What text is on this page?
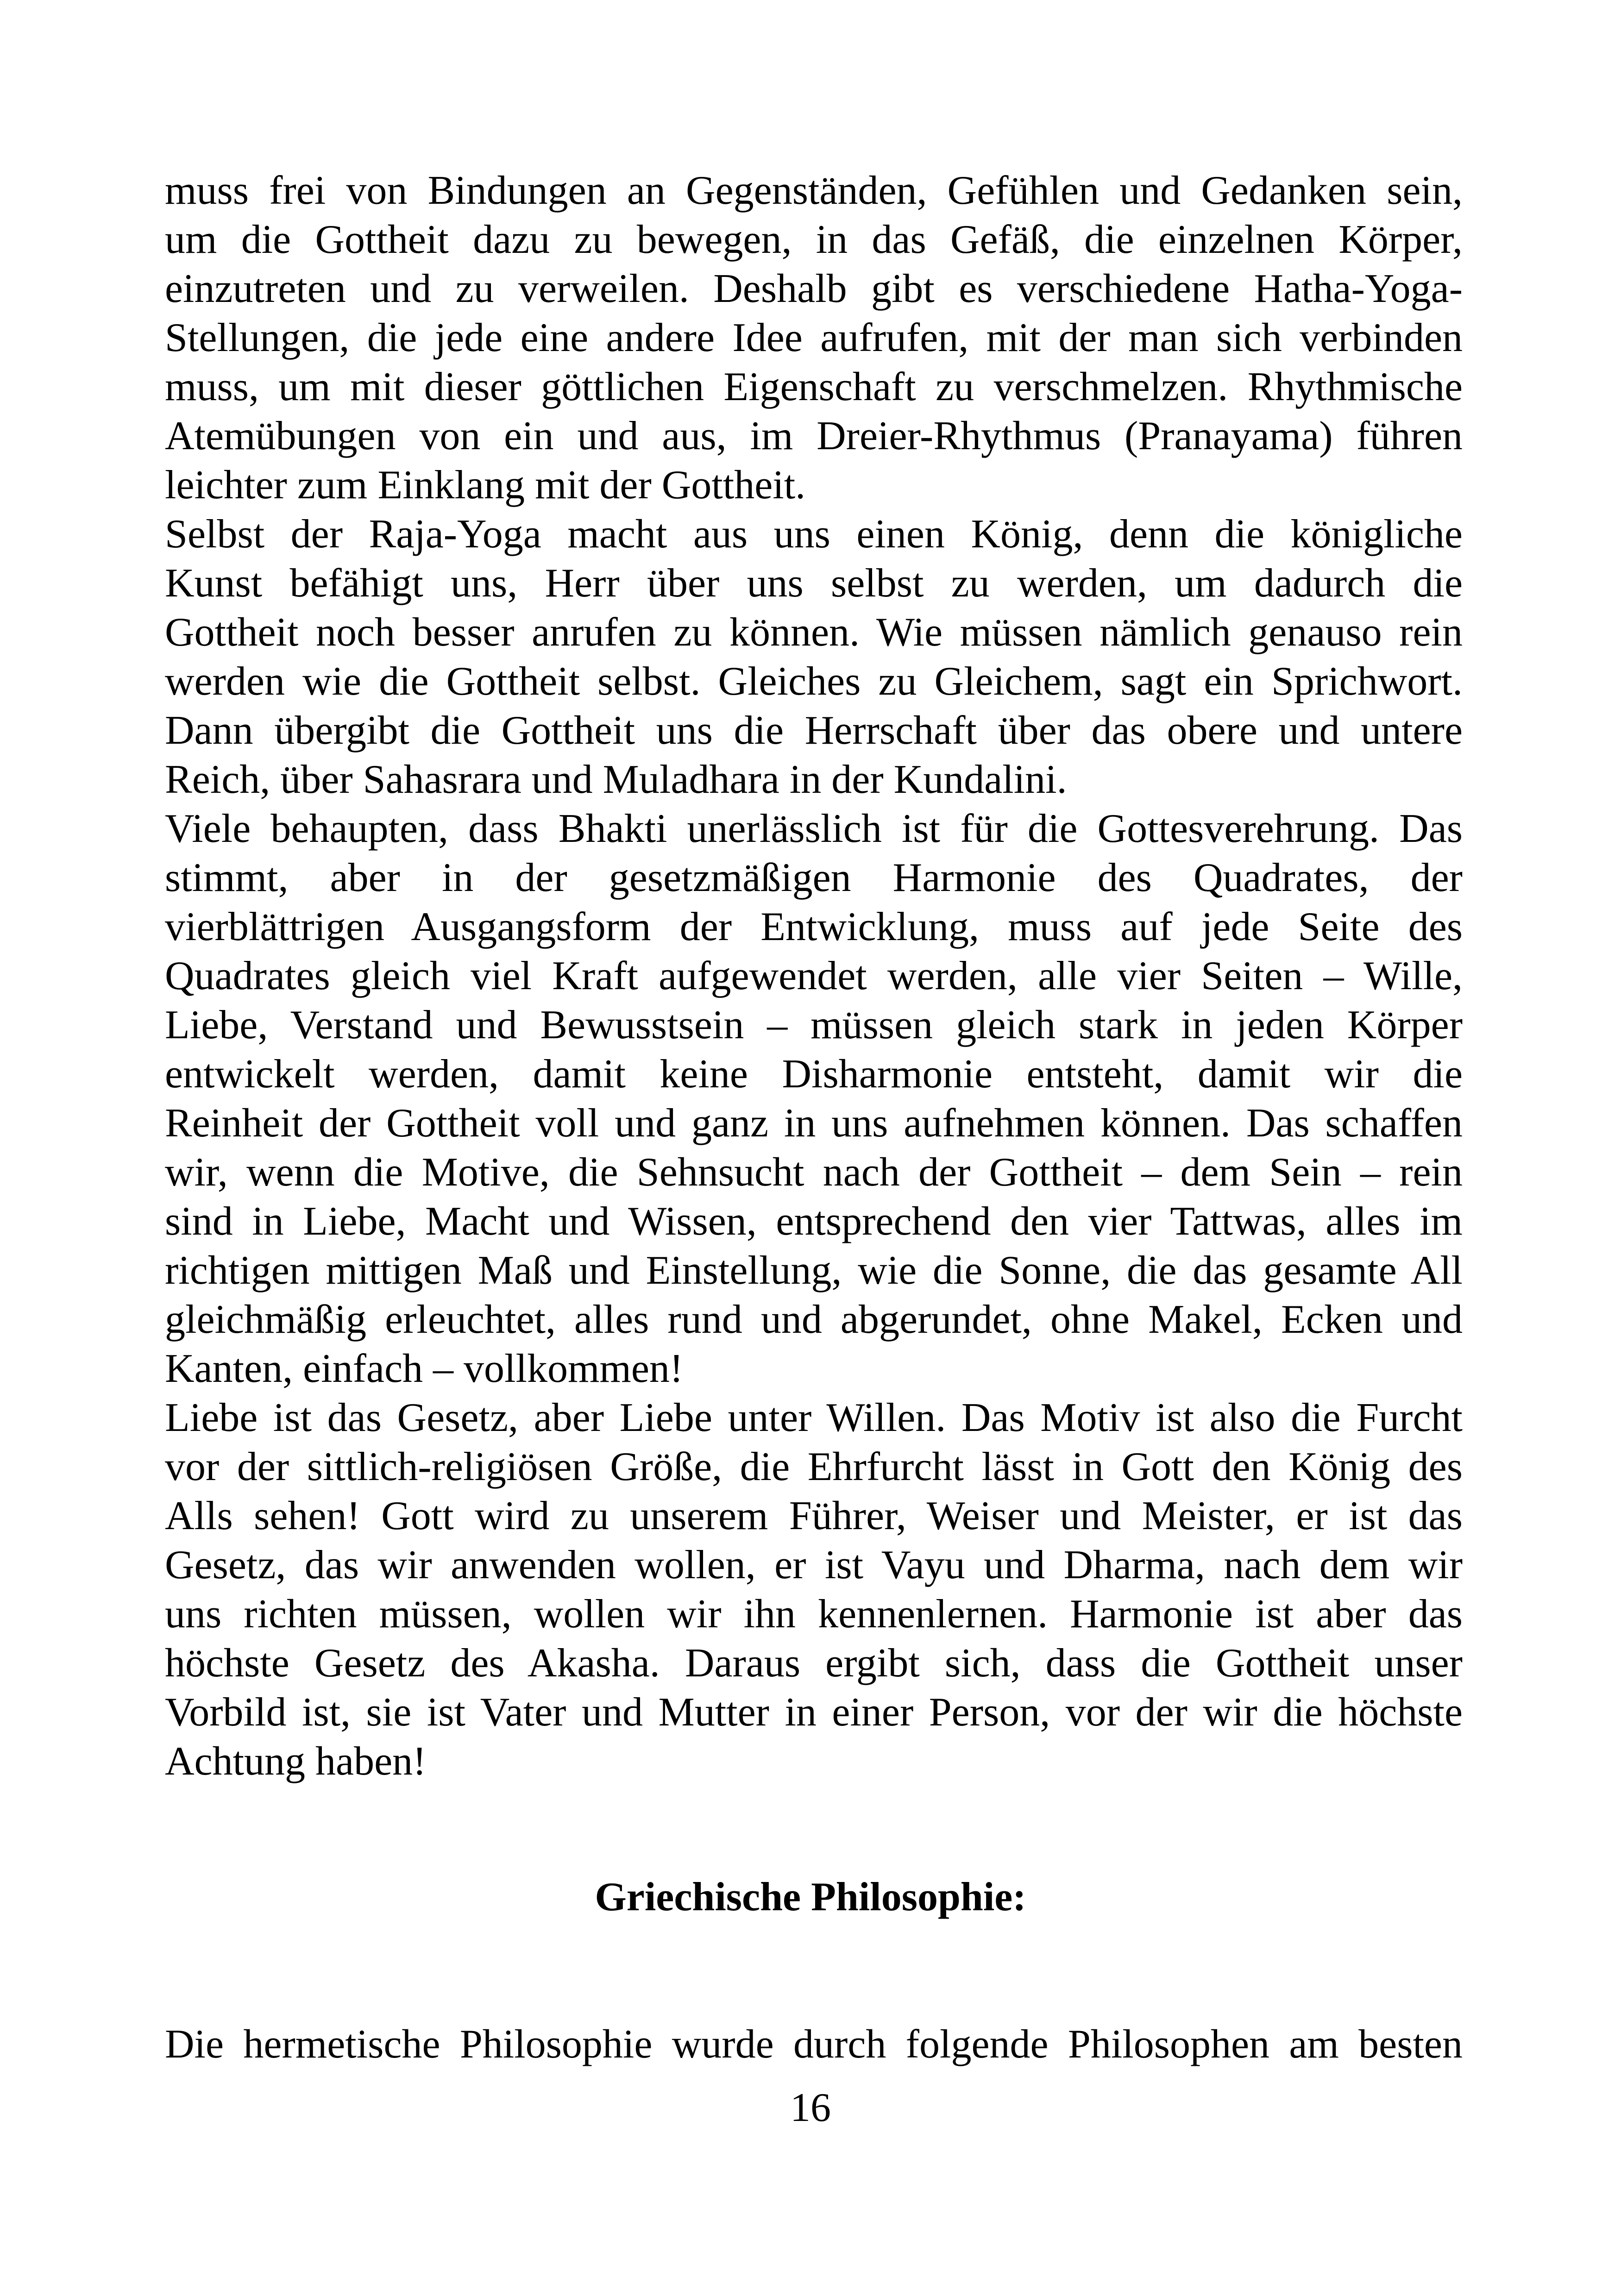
muss frei von Bindungen an Gegenständen, Gefühlen und Gedanken sein,
um die Gottheit dazu zu bewegen, in das Gefäß, die einzelnen Körper,
einzutreten und zu verweilen. Deshalb gibt es verschiedene Hatha-Yoga-
Stellungen, die jede eine andere Idee aufrufen, mit der man sich verbinden
muss, um mit dieser göttlichen Eigenschaft zu verschmelzen. Rhythmische
Atemübungen von ein und aus, im Dreier-Rhythmus (Pranayama) führen
leichter zum Einklang mit der Gottheit.
Selbst der Raja-Yoga macht aus uns einen König, denn die königliche
Kunst befähigt uns, Herr über uns selbst zu werden, um dadurch die
Gottheit noch besser anrufen zu können. Wie müssen nämlich genauso rein
werden wie die Gottheit selbst. Gleiches zu Gleichem, sagt ein Sprichwort.
Dann übergibt die Gottheit uns die Herrschaft über das obere und untere
Reich, über Sahasrara und Muladhara in der Kundalini.
Viele behaupten, dass Bhakti unerlässlich ist für die Gottesverehrung. Das
stimmt, aber in der gesetzmäßigen Harmonie des Quadrates, der
vierblättrigen Ausgangsform der Entwicklung, muss auf jede Seite des
Quadrates gleich viel Kraft aufgewendet werden, alle vier Seiten – Wille,
Liebe, Verstand und Bewusstsein – müssen gleich stark in jeden Körper
entwickelt werden, damit keine Disharmonie entsteht, damit wir die
Reinheit der Gottheit voll und ganz in uns aufnehmen können. Das schaffen
wir, wenn die Motive, die Sehnsucht nach der Gottheit – dem Sein – rein
sind in Liebe, Macht und Wissen, entsprechend den vier Tattwas, alles im
richtigen mittigen Maß und Einstellung, wie die Sonne, die das gesamte All
gleichmäßig erleuchtet, alles rund und abgerundet, ohne Makel, Ecken und
Kanten, einfach – vollkommen!
Liebe ist das Gesetz, aber Liebe unter Willen. Das Motiv ist also die Furcht
vor der sittlich-religiösen Größe, die Ehrfurcht lässt in Gott den König des
Alls sehen! Gott wird zu unserem Führer, Weiser und Meister, er ist das
Gesetz, das wir anwenden wollen, er ist Vayu und Dharma, nach dem wir
uns richten müssen, wollen wir ihn kennenlernen. Harmonie ist aber das
höchste Gesetz des Akasha. Daraus ergibt sich, dass die Gottheit unser
Vorbild ist, sie ist Vater und Mutter in einer Person, vor der wir die höchste
Achtung haben!
Griechische Philosophie:
Die hermetische Philosophie wurde durch folgende Philosophen am besten
16
